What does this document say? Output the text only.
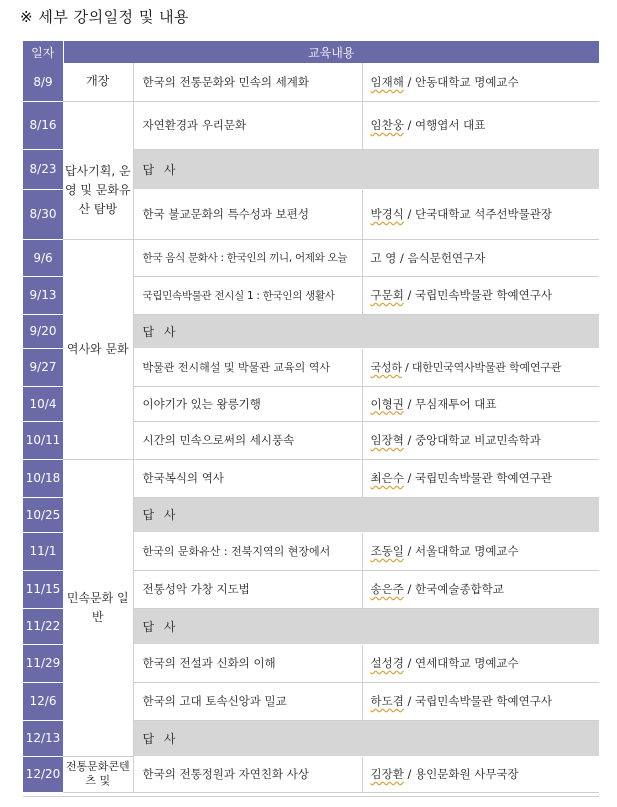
※ 세부 강의일정 및 내용
일자	교육내용		
8/9	개장	한국의 전통문화와 민속의 세계화	임재해 / 안동대학교 명예교수
8/16	답사기획, 운영 및 문화유산 탐방	자연환경과 우리문화	임찬웅 / 여행엽서 대표
8/23		답 사	
8/30		한국 불교문화의 특수성과 보편성	박경식 / 단국대학교 석주선박물관장
9/6	역사와 문화	한국 음식 문화사 : 한국인의 끼니, 어제와 오늘	고 영 / 음식문헌연구자
9/13		국립민속박물관 전시실 1 : 한국인의 생활사	구문회 / 국립민속박물관 학예연구사
9/20		답 사	
9/27		박물관 전시해설 및 박물관 교육의 역사	국성하 / 대한민국역사박물관 학예연구관
10/4		이야기가 있는 왕릉기행	이형권 / 무심재투어 대표
10/11		시간의 민속으로써의 세시풍속	임장혁 / 중앙대학교 비교민속학과
10/18	민속문화 일반	한국복식의 역사	최은수 / 국립민속박물관 학예연구관
10/25		답 사	
11/1		한국의 문화유산 : 전북지역의 현장에서	조동일 / 서울대학교 명예교수
11/15		전통성악 가창 지도법	송은주 / 한국예술종합학교
11/22		답 사	
11/29		한국의 전설과 신화의 이해	설성경 / 연세대학교 명예교수
12/6		한국의 고대 토속신앙과 밀교	하도겸 / 국립민속박물관 학예연구사
12/13		답 사	
12/20	전통문화콘텐츠 및	한국의 전통정원과 자연친화 사상	김장환 / 용인문화원 사무국장
